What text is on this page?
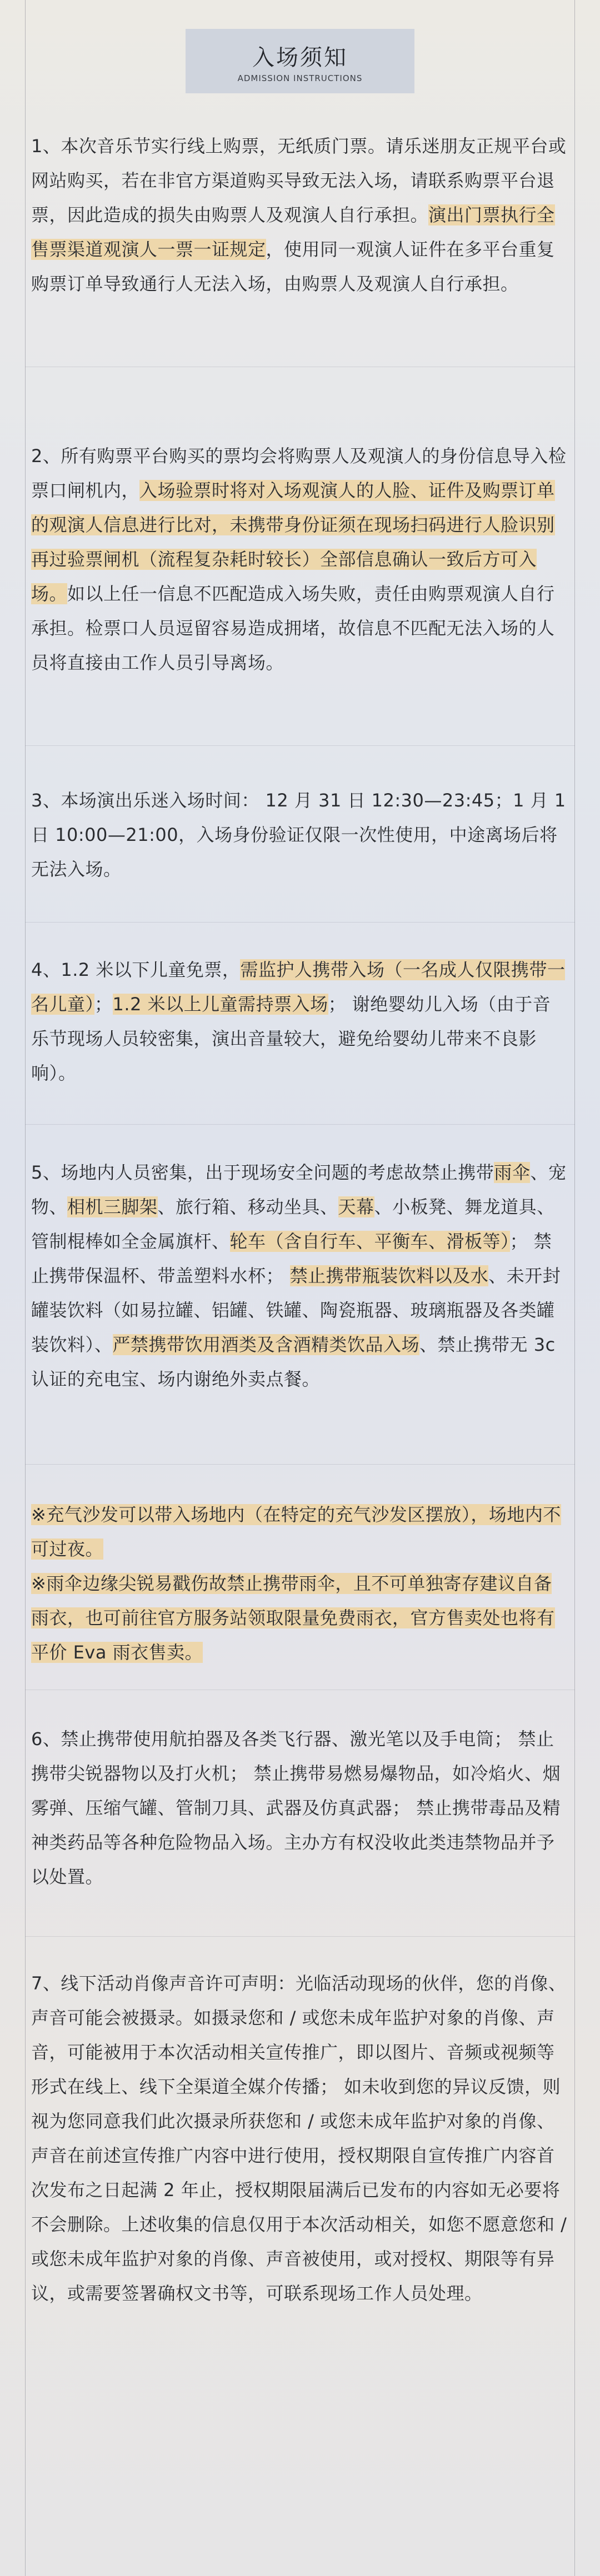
入场须知
ADMISSION INSTRUCTIONS
1、本次音乐节实行线上购票，无纸质门票。请乐迷朋友正规平台或网站购买，若在非官方渠道购买导致无法入场，请联系购票平台退票，因此造成的损失由购票人及观演人自行承担。演出门票执行全售票渠道观演人一票一证规定，使用同一观演人证件在多平台重复购票订单导致通行人无法入场，由购票人及观演人自行承担。
2、所有购票平台购买的票均会将购票人及观演人的身份信息导入检票口闸机内，入场验票时将对入场观演人的人脸、证件及购票订单的观演人信息进行比对，未携带身份证须在现场扫码进行人脸识别再过验票闸机（流程复杂耗时较长）全部信息确认一致后方可入场。如以上任一信息不匹配造成入场失败，责任由购票观演人自行承担。检票口人员逗留容易造成拥堵，故信息不匹配无法入场的人员将直接由工作人员引导离场。
3、本场演出乐迷入场时间： 12 月 31 日 12:30—23:45；1 月 1 日 10:00—21:00，入场身份验证仅限一次性使用，中途离场后将无法入场。
4、1.2 米以下儿童免票，需监护人携带入场（一名成人仅限携带一名儿童）；1.2 米以上儿童需持票入场； 谢绝婴幼儿入场（由于音乐节现场人员较密集，演出音量较大，避免给婴幼儿带来不良影响）。
5、场地内人员密集，出于现场安全问题的考虑故禁止携带雨伞、宠物、相机三脚架、旅行箱、移动坐具、天幕、小板凳、舞龙道具、管制棍棒如全金属旗杆、轮车（含自行车、平衡车、滑板等）； 禁止携带保温杯、带盖塑料水杯； 禁止携带瓶装饮料以及水、未开封罐装饮料（如易拉罐、铝罐、铁罐、陶瓷瓶器、玻璃瓶器及各类罐装饮料）、严禁携带饮用酒类及含酒精类饮品入场、禁止携带无 3c 认证的充电宝、场内谢绝外卖点餐。
※充气沙发可以带入场地内（在特定的充气沙发区摆放），场地内不可过夜。
※雨伞边缘尖锐易戳伤故禁止携带雨伞，且不可单独寄存建议自备雨衣，也可前往官方服务站领取限量免费雨衣，官方售卖处也将有平价 Eva 雨衣售卖。
6、禁止携带使用航拍器及各类飞行器、激光笔以及手电筒； 禁止携带尖锐器物以及打火机； 禁止携带易燃易爆物品，如冷焰火、烟雾弹、压缩气罐、管制刀具、武器及仿真武器； 禁止携带毒品及精神类药品等各种危险物品入场。主办方有权没收此类违禁物品并予以处置。
7、线下活动肖像声音许可声明：光临活动现场的伙伴，您的肖像、声音可能会被摄录。如摄录您和 / 或您未成年监护对象的肖像、声音，可能被用于本次活动相关宣传推广，即以图片、音频或视频等形式在线上、线下全渠道全媒介传播； 如未收到您的异议反馈，则视为您同意我们此次摄录所获您和 / 或您未成年监护对象的肖像、声音在前述宣传推广内容中进行使用，授权期限自宣传推广内容首次发布之日起满 2 年止，授权期限届满后已发布的内容如无必要将不会删除。上述收集的信息仅用于本次活动相关，如您不愿意您和 / 或您未成年监护对象的肖像、声音被使用，或对授权、期限等有异议，或需要签署确权文书等，可联系现场工作人员处理。
